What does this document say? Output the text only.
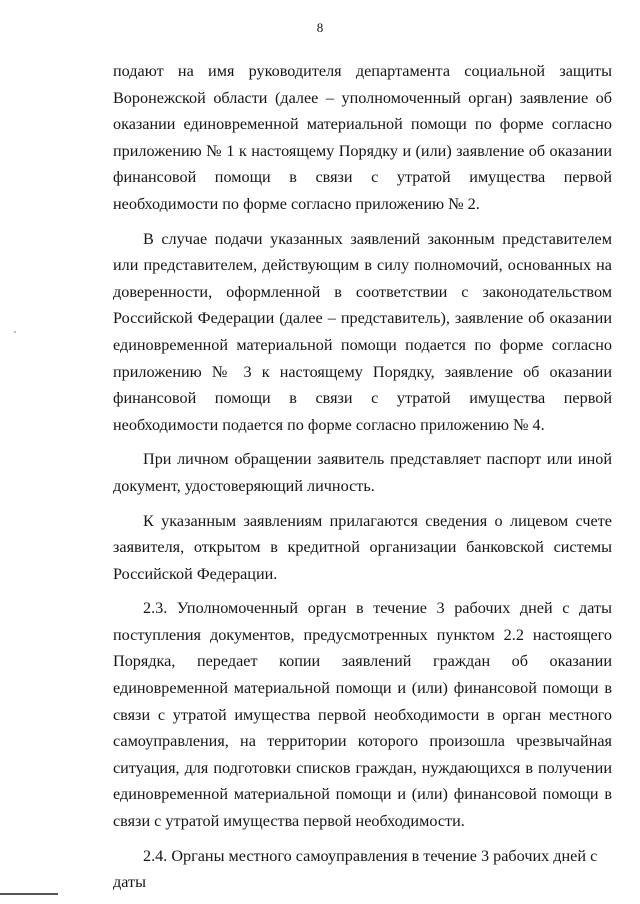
8

подают на имя руководителя департамента социальной защиты Воронежской области (далее – уполномоченный орган) заявление об оказании единовременной материальной помощи по форме согласно приложению № 1 к настоящему Порядку и (или) заявление об оказании финансовой помощи в связи с утратой имущества первой необходимости по форме согласно приложению № 2.

В случае подачи указанных заявлений законным представителем или представителем, действующим в силу полномочий, основанных на доверенности, оформленной в соответствии с законодательством Российской Федерации (далее – представитель), заявление об оказании единовременной материальной помощи подается по форме согласно приложению № 3 к настоящему Порядку, заявление об оказании финансовой помощи в связи с утратой имущества первой необходимости подается по форме согласно приложению № 4.

При личном обращении заявитель представляет паспорт или иной документ, удостоверяющий личность.

К указанным заявлениям прилагаются сведения о лицевом счете заявителя, открытом в кредитной организации банковской системы Российской Федерации.

2.3. Уполномоченный орган в течение 3 рабочих дней с даты поступления документов, предусмотренных пунктом 2.2 настоящего Порядка, передает копии заявлений граждан об оказании единовременной материальной помощи и (или) финансовой помощи в связи с утратой имущества первой необходимости в орган местного самоуправления, на территории которого произошла чрезвычайная ситуация, для подготовки списков граждан, нуждающихся в получении единовременной материальной помощи и (или) финансовой помощи в связи с утратой имущества первой необходимости.

2.4. Органы местного самоуправления в течение 3 рабочих дней с даты
